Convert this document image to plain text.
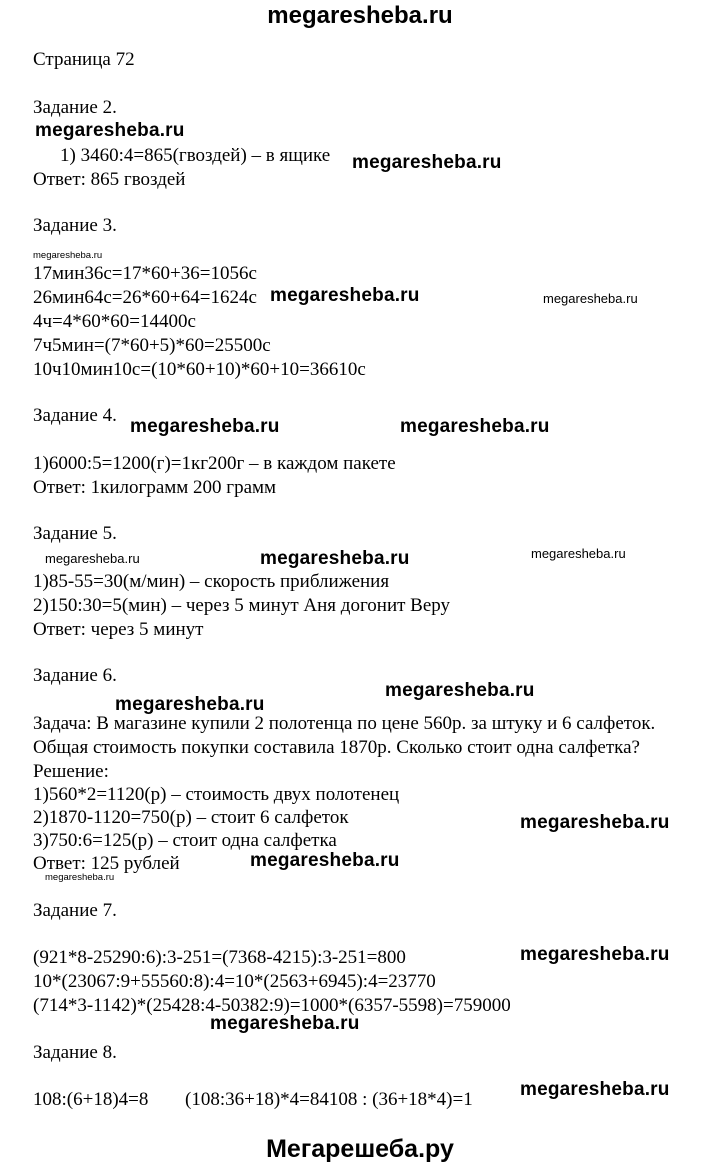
megaresheba.ru
Страница 72
Задание 2.
1) 3460:4=865(гвоздей) – в ящике
Ответ: 865 гвоздей
Задание 3.
17мин36с=17*60+36=1056с
26мин64с=26*60+64=1624с
4ч=4*60*60=14400с
7ч5мин=(7*60+5)*60=25500с
10ч10мин10с=(10*60+10)*60+10=36610с
Задание 4.
1)6000:5=1200(г)=1кг200г – в каждом пакете
Ответ: 1килограмм 200 грамм
Задание 5.
1)85-55=30(м/мин) – скорость приближения
2)150:30=5(мин) – через 5 минут Аня догонит Веру
Ответ: через 5 минут
Задание 6.
Задача: В магазине купили 2 полотенца по цене 560р. за штуку и 6 салфеток.
Общая стоимость покупки составила 1870р. Сколько стоит одна салфетка?
Решение:
1)560*2=1120(р) – стоимость двух полотенец
2)1870-1120=750(р) – стоит 6 салфеток
3)750:6=125(р) – стоит одна салфетка
Ответ: 125 рублей
Задание 7.
(921*8-25290:6):3-251=(7368-4215):3-251=800
10*(23067:9+55560:8):4=10*(2563+6945):4=23770
(714*3-1142)*(25428:4-50382:9)=1000*(6357-5598)=759000
Задание 8.
108:(6+18)4=8 (108:36+18)*4=84108 : (36+18*4)=1
megaresheba.ru
megaresheba.ru
megaresheba.ru
megaresheba.ru	megaresheba.ru
megaresheba.ru	megaresheba.ru
megaresheba.ru	megaresheba.ru	megaresheba.ru
megaresheba.ru
megaresheba.ru
megaresheba.ru
megaresheba.ru
megaresheba.ru
megaresheba.ru
megaresheba.ru
megaresheba.ru
Мегарешеба.ру
